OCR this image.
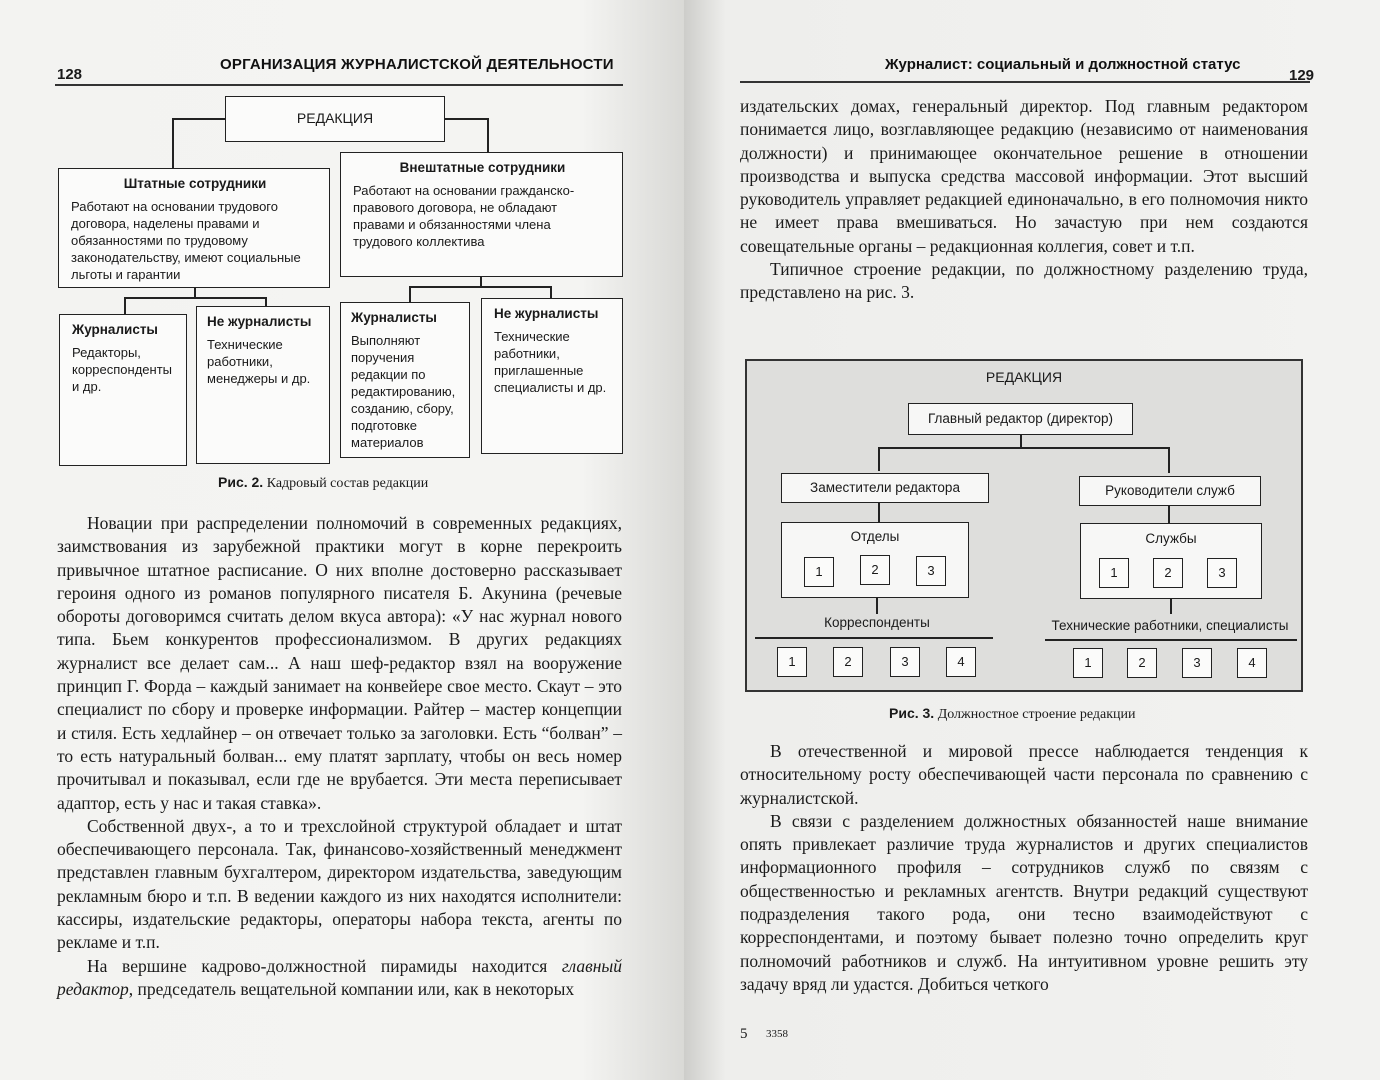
128
ОРГАНИЗАЦИЯ ЖУРНАЛИСТСКОЙ ДЕЯТЕЛЬНОСТИ
РЕДАКЦИЯ
Штатные сотрудники
Работают на основании трудового договора, наделены правами и обязанностями по трудовому законодательству, имеют социальные льготы и гарантии
Внештатные сотрудники
Работают на основании гражданско-правового договора, не обладают правами и обязанностями члена трудового коллектива
Журналисты
Редакторы, корреспонденты и др.
Не журналисты
Технические работники, менеджеры и др.
Журналисты
Выполняют поручения редакции по редактированию, созданию, сбору, подготовке материалов
Не журналисты
Технические работники, приглашенные специалисты и др.
Рис. 2. Кадровый состав редакции

Новации при распределении полномочий в современных редакциях, заимствования из зарубежной практики могут в корне перекроить привычное штатное расписание. О них вполне достоверно рассказывает героиня одного из романов популярного писателя Б. Акунина (речевые обороты договоримся считать делом вкуса автора): «У нас журнал нового типа. Бьем конкурентов профессионализмом. В других редакциях журналист все делает сам... А наш шеф-редактор взял на вооружение принцип Г. Форда – каждый занимает на конвейере свое место. Скаут – это специалист по сбору и проверке информации. Райтер – мастер концепции и стиля. Есть хедлайнер – он отвечает только за заголовки. Есть “болван” – то есть натуральный болван... ему платят зарплату, чтобы он весь номер прочитывал и показывал, если где не врубается. Эти места переписывает адаптор, есть у нас и такая ставка».

Собственной двух-, а то и трехслойной структурой обладает и штат обеспечивающего персонала. Так, финансово-хозяйственный менеджмент представлен главным бухгалтером, директором издательства, заведующим рекламным бюро и т.п. В ведении каждого из них находятся исполнители: кассиры, издательские редакторы, операторы набора текста, агенты по рекламе и т.п.

На вершине кадрово-должностной пирамиды находится главный редактор, председатель вещательной компании или, как в некоторых

Журналист: социальный и должностной статус
129

издательских домах, генеральный директор. Под главным редактором понимается лицо, возглавляющее редакцию (независимо от наименования должности) и принимающее окончательное решение в отношении производства и выпуска средства массовой информации. Этот высший руководитель управляет редакцией единоначально, в его полномочия никто не имеет права вмешиваться. Но зачастую при нем создаются совещательные органы – редакционная коллегия, совет и т.п.

Типичное строение редакции, по должностному разделению труда, представлено на рис. 3.

РЕДАКЦИЯ
Главный редактор (директор)
Заместители редактора	Руководители служб
Отделы
1	2	3
Службы
1	2	3
Корреспонденты	Технические работники, специалисты
1	2	3	4	1	2	3	4
Рис. 3. Должностное строение редакции

В отечественной и мировой прессе наблюдается тенденция к относительному росту обеспечивающей части персонала по сравнению с журналистской.

В связи с разделением должностных обязанностей наше внимание опять привлекает различие труда журналистов и других специалистов информационного профиля – сотрудников служб по связям с общественностью и рекламных агентств. Внутри редакций существуют подразделения такого рода, они тесно взаимодействуют с корреспондентами, и поэтому бывает полезно точно определить круг полномочий работников и служб. На интуитивном уровне решить эту задачу вряд ли удастся. Добиться четкого

5 3358
